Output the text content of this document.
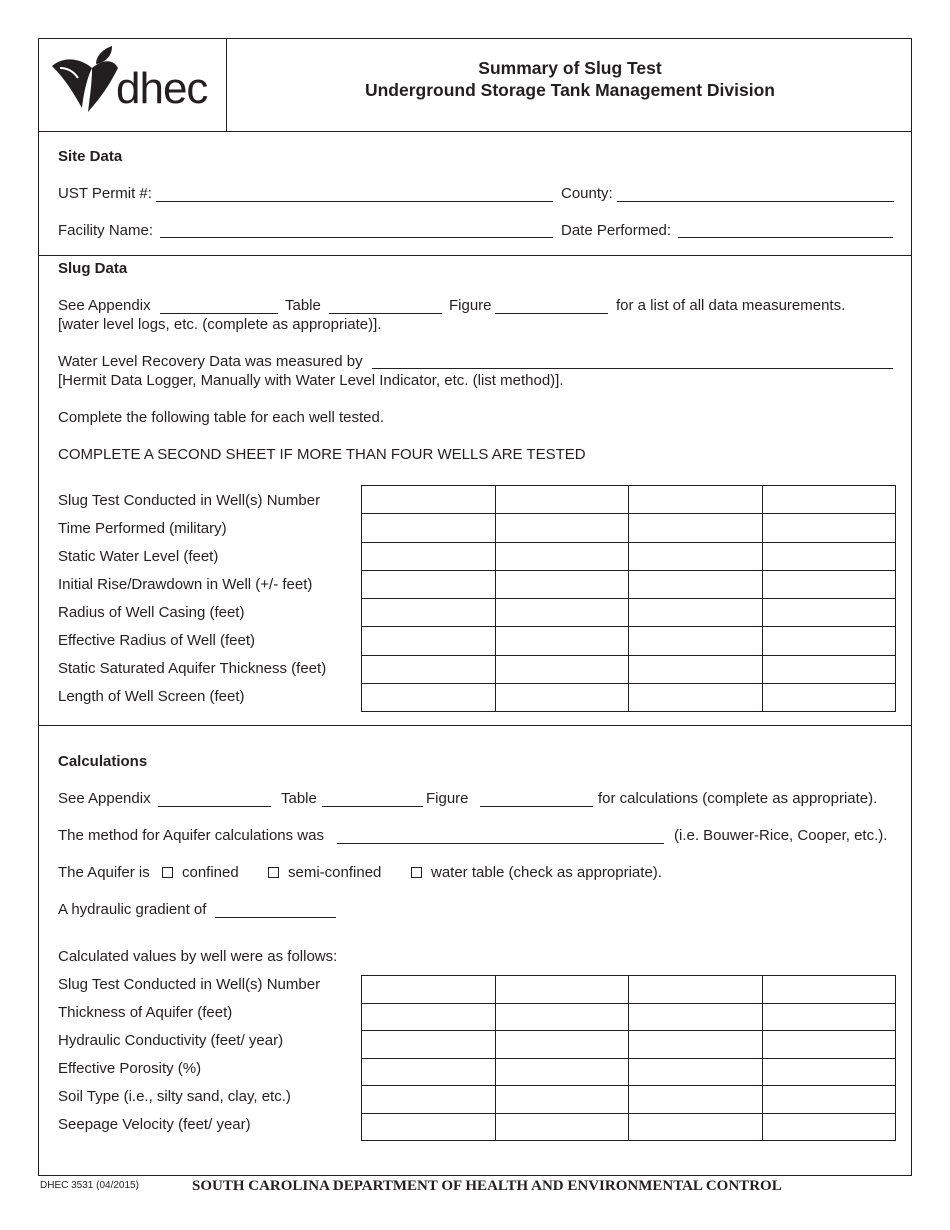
dhec	Summary of Slug Test
Underground Storage Tank Management Division
Site Data
UST Permit #:	County:
Facility Name:	Date Performed:
Slug Data
See Appendix	Table	Figure	for a list of all data measurements.
[water level logs, etc. (complete as appropriate)].
Water Level Recovery Data was measured by
[Hermit Data Logger, Manually with Water Level Indicator, etc. (list method)].
Complete the following table for each well tested.
COMPLETE A SECOND SHEET IF MORE THAN FOUR WELLS ARE TESTED
Slug Test Conducted in Well(s) Number
Time Performed (military)
Static Water Level (feet)
Initial Rise/Drawdown in Well (+/- feet)
Radius of Well Casing (feet)
Effective Radius of Well (feet)
Static Saturated Aquifer Thickness (feet)
Length of Well Screen (feet)

Calculations
See Appendix	Table	Figure	for calculations (complete as appropriate).
The method for Aquifer calculations was	(i.e. Bouwer-Rice, Cooper, etc.).
The Aquifer is confined	semi-confined	water table (check as appropriate).
A hydraulic gradient of
Calculated values by well were as follows:
Slug Test Conducted in Well(s) Number
Thickness of Aquifer (feet)
Hydraulic Conductivity (feet/ year)
Effective Porosity (%)
Soil Type (i.e., silty sand, clay, etc.)
Seepage Velocity (feet/ year)

DHEC 3531 (04/2015)	SOUTH CAROLINA DEPARTMENT OF HEALTH AND ENVIRONMENTAL CONTROL
